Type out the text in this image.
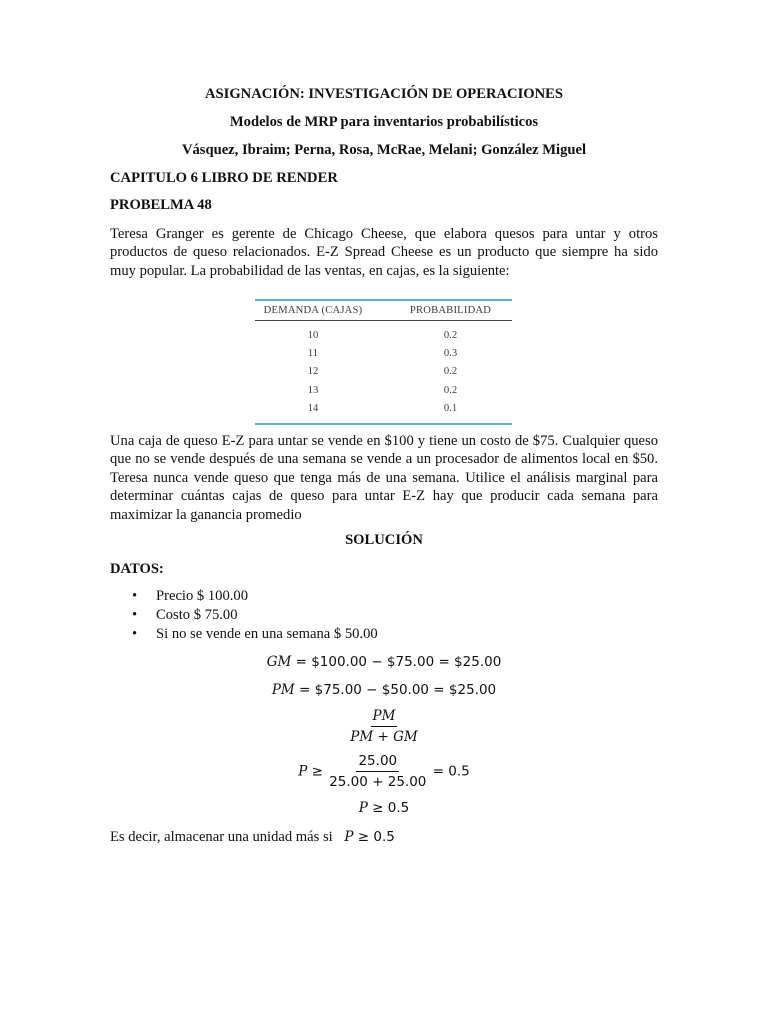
ASIGNACIÓN: INVESTIGACIÓN DE OPERACIONES
Modelos de MRP para inventarios probabilísticos
Vásquez, Ibraim; Perna, Rosa, McRae, Melani; González Miguel
CAPITULO 6 LIBRO DE RENDER
PROBELMA 48
Teresa Granger es gerente de Chicago Cheese, que elabora quesos para untar y otros productos de queso relacionados. E-Z Spread Cheese es un producto que siempre ha sido muy popular. La probabilidad de las ventas, en cajas, es la siguiente:
DEMANDA (CAJAS)	PROBABILIDAD
10	0.2
11	0.3
12	0.2
13	0.2
14	0.1
Una caja de queso E-Z para untar se vende en $100 y tiene un costo de $75. Cualquier queso que no se vende después de una semana se vende a un procesador de alimentos local en $50. Teresa nunca vende queso que tenga más de una semana. Utilice el análisis marginal para determinar cuántas cajas de queso para untar E-Z hay que producir cada semana para maximizar la ganancia promedio
SOLUCIÓN
DATOS:
• Precio $ 100.00
• Costo $ 75.00
• Si no se vende en una semana $ 50.00
GM = $100.00 − $75.00 = $25.00
PM = $75.00 − $50.00 = $25.00
$\frac{PM}{PM + GM}$
$P \ge \frac{25.00}{25.00 + 25.00} = 0.5$
P ≥ 0.5
Es decir, almacenar una unidad más si P ≥ 0.5
